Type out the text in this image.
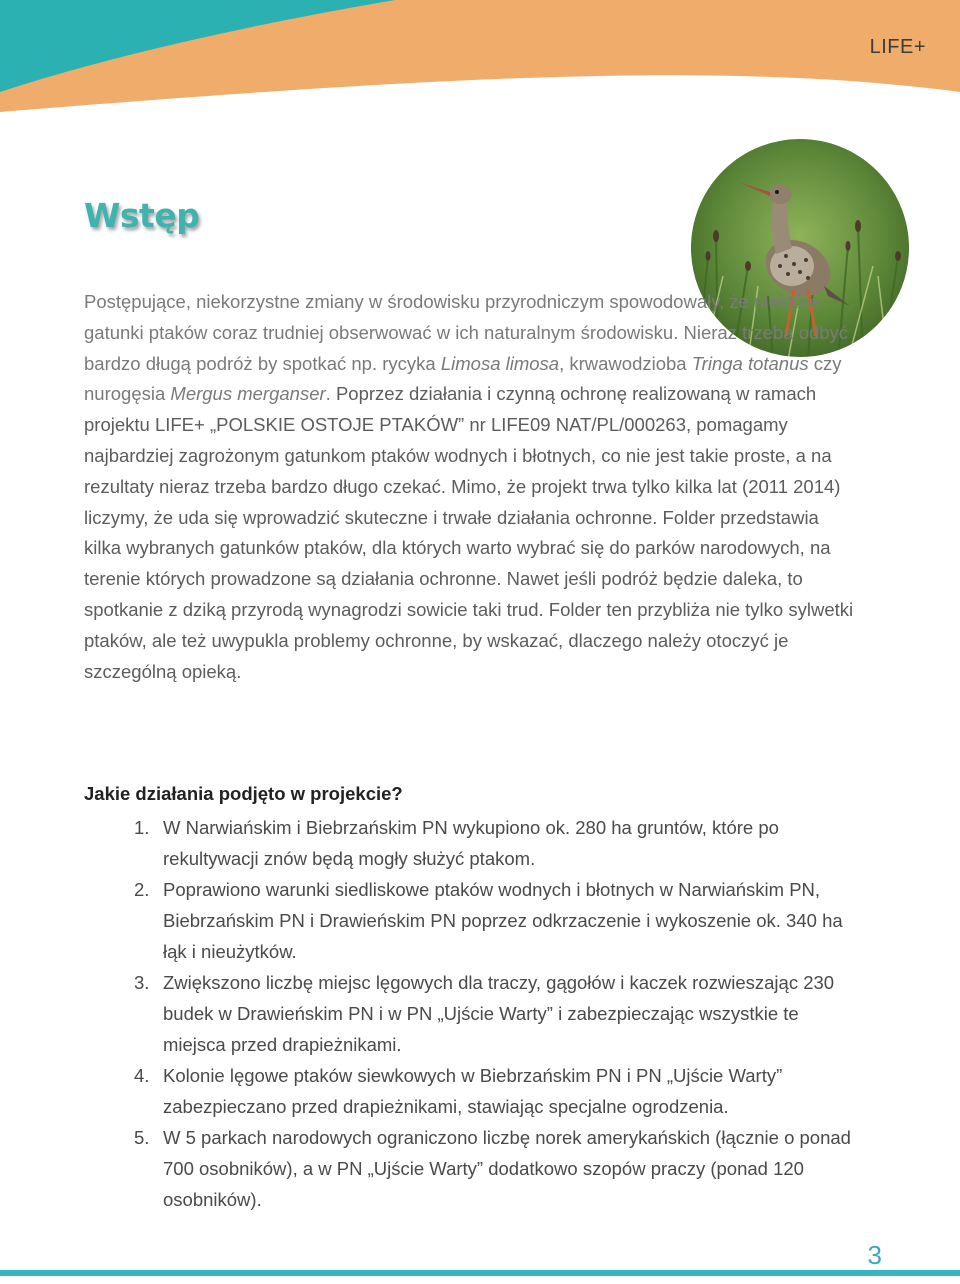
LIFE+
Wstęp

Postępujące, niekorzystne zmiany w środowisku przyrodniczym spowodowały, że niektóre gatunki ptaków coraz trudniej obserwować w ich naturalnym środowisku. Nieraz trzeba odbyć bardzo długą podróż by spotkać np. rycyka Limosa limosa, krwawodzioba Tringa totanus czy nurogęsia Mergus merganser. Poprzez działania i czynną ochronę realizowaną w ramach projektu LIFE+ „POLSKIE OSTOJE PTAKÓW” nr LIFE09 NAT/PL/000263, pomagamy najbardziej zagrożonym gatunkom ptaków wodnych i błotnych, co nie jest takie proste, a na rezultaty nieraz trzeba bardzo długo czekać. Mimo, że projekt trwa tylko kilka lat (2011 2014) liczymy, że uda się wprowadzić skuteczne i trwałe działania ochronne. Folder przedstawia kilka wybranych gatunków ptaków, dla których warto wybrać się do parków narodowych, na terenie których prowadzone są działania ochronne. Nawet jeśli podróż będzie daleka, to spotkanie z dziką przyrodą wynagrodzi sowicie taki trud. Folder ten przybliża nie tylko sylwetki ptaków, ale też uwypukla problemy ochronne, by wskazać, dlaczego należy otoczyć je szczególną opieką.

Jakie działania podjęto w projekcie?

1. W Narwiańskim i Biebrzańskim PN wykupiono ok. 280 ha gruntów, które po rekultywacji znów będą mogły służyć ptakom.
2. Poprawiono warunki siedliskowe ptaków wodnych i błotnych w Narwiańskim PN, Biebrzańskim PN i Drawieńskim PN poprzez odkrzaczenie i wykoszenie ok. 340 ha łąk i nieużytków.
3. Zwiększono liczbę miejsc lęgowych dla traczy, gągołów i kaczek rozwieszając 230 budek w Drawieńskim PN i w PN „Ujście Warty” i zabezpieczając wszystkie te miejsca przed drapieżnikami.
4. Kolonie lęgowe ptaków siewkowych w Biebrzańskim PN i PN „Ujście Warty” zabezpieczano przed drapieżnikami, stawiając specjalne ogrodzenia.
5. W 5 parkach narodowych ograniczono liczbę norek amerykańskich (łącznie o ponad 700 osobników), a w PN „Ujście Warty” dodatkowo szopów praczy (ponad 120 osobników).
3
